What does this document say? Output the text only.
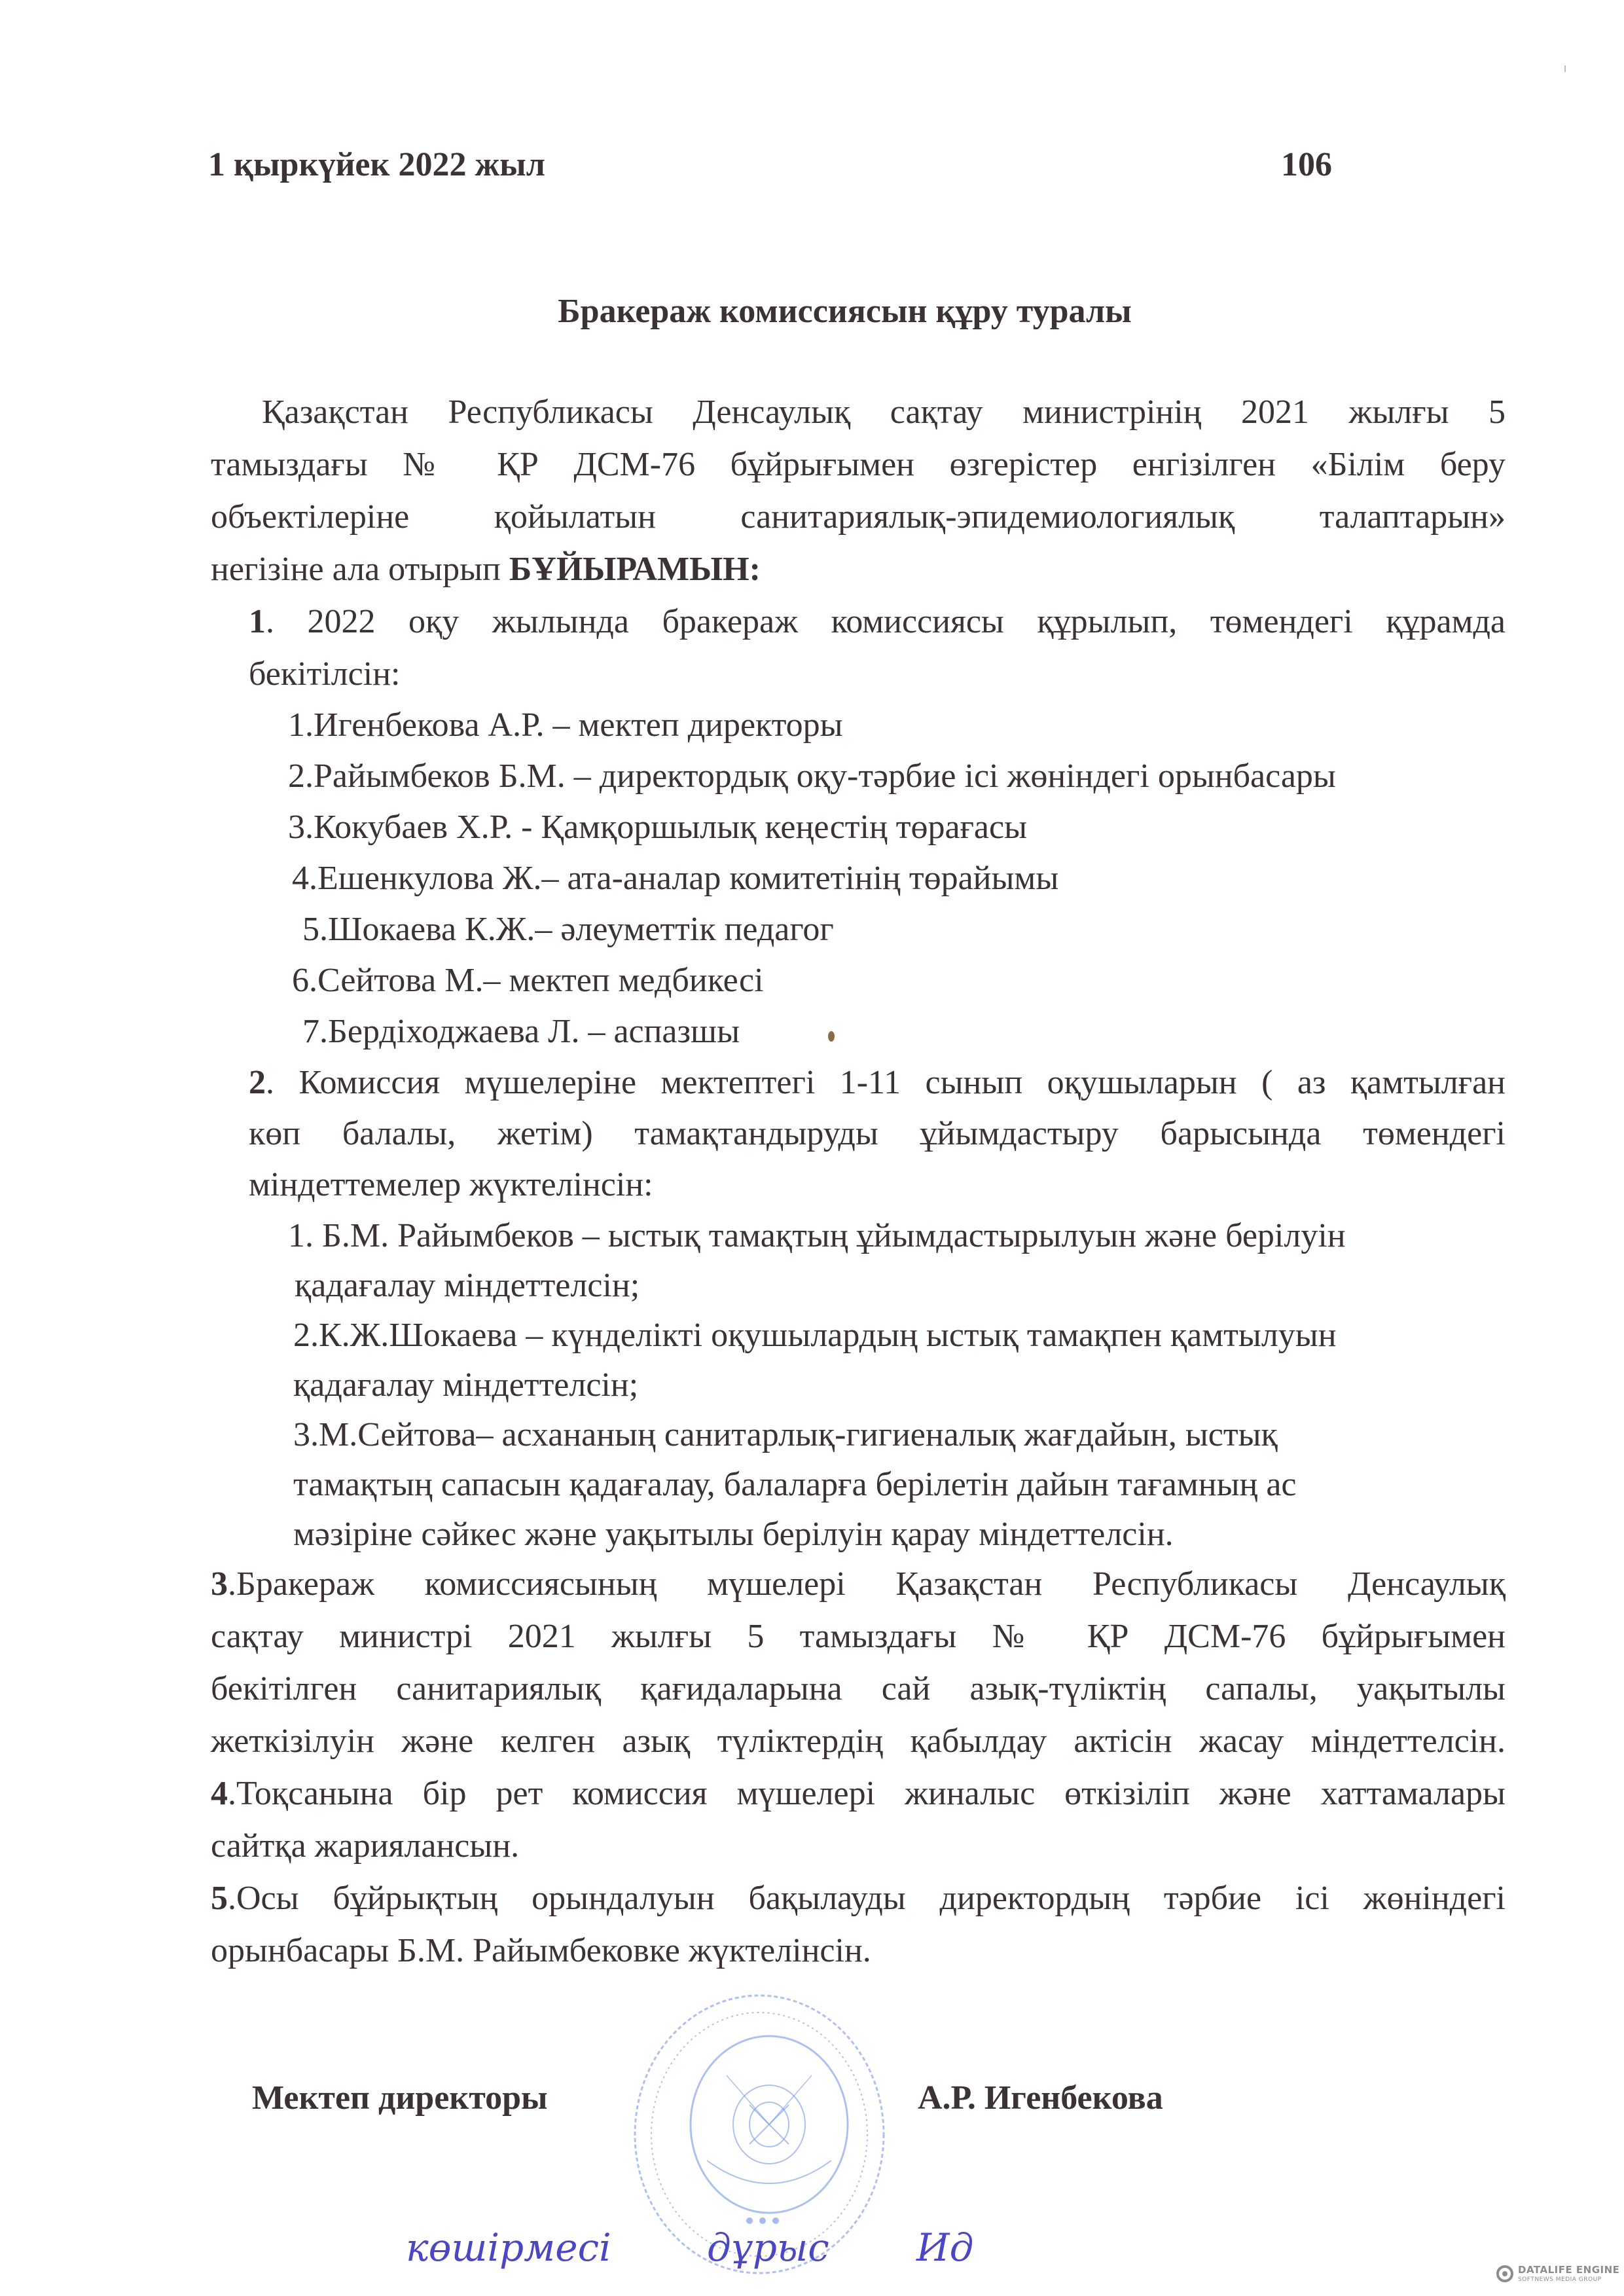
1 қыркүйек 2022 жыл	106
Бракераж комиссиясын құру туралы
Қазақстан Республикасы Денсаулық сақтау министрінің 2021 жылғы 5
тамыздағы № ҚР ДСМ-76 бұйрығымен өзгерістер енгізілген «Білім беру
объектілеріне қойылатын санитариялық-эпидемиологиялық талаптарын»
негізіне ала отырып БҰЙЫРАМЫН:
1. 2022 оқу жылында бракераж комиссиясы құрылып, төмендегі құрамда
бекітілсін:
1.Игенбекова А.Р. – мектеп директоры
2.Райымбеков Б.М. – директордық оқу-тәрбие ісі жөніндегі орынбасары
3.Кокубаев Х.Р. - Қамқоршылық кеңестің төрағасы
4.Ешенкулова Ж.– ата-аналар комитетінің төрайымы
5.Шокаева К.Ж.– әлеуметтік педагог
6.Сейтова М.– мектеп медбикесі
7.Бердіходжаева Л. – аспазшы
2. Комиссия мүшелеріне мектептегі 1-11 сынып оқушыларын ( аз қамтылған
көп балалы, жетім) тамақтандыруды ұйымдастыру барысында төмендегі
міндеттемелер жүктелінсін:
1. Б.М. Райымбеков – ыстық тамақтың ұйымдастырылуын және берілуін
қадағалау міндеттелсін;
2.К.Ж.Шокаева – күнделікті оқушылардың ыстық тамақпен қамтылуын
қадағалау міндеттелсін;
3.М.Сейтова– асхананың санитарлық-гигиеналық жағдайын, ыстық
тамақтың сапасын қадағалау, балаларға берілетін дайын тағамның ас
мәзіріне сәйкес және уақытылы берілуін қарау міндеттелсін.
3.Бракераж комиссиясының мүшелері Қазақстан Республикасы Денсаулық
сақтау министрі 2021 жылғы 5 тамыздағы № ҚР ДСМ-76 бұйрығымен
бекітілген санитариялық қағидаларына сай азық-түліктің сапалы, уақытылы
жеткізілуін және келген азық түліктердің қабылдау актісін жасау міндеттелсін.
4.Тоқсанына бір рет комиссия мүшелері жиналыс өткізіліп және хаттамалары
сайтқа жариялансын.
5.Осы бұйрықтың орындалуын бақылауды директордың тәрбие ісі жөніндегі
орынбасары Б.М. Райымбековке жүктелінсін.
Мектеп директоры	А.Р. Игенбекова
көшірмесі	дұрыс Ид	DATALIFE ENGINE
SOFTNEWS MEDIA GROUP
